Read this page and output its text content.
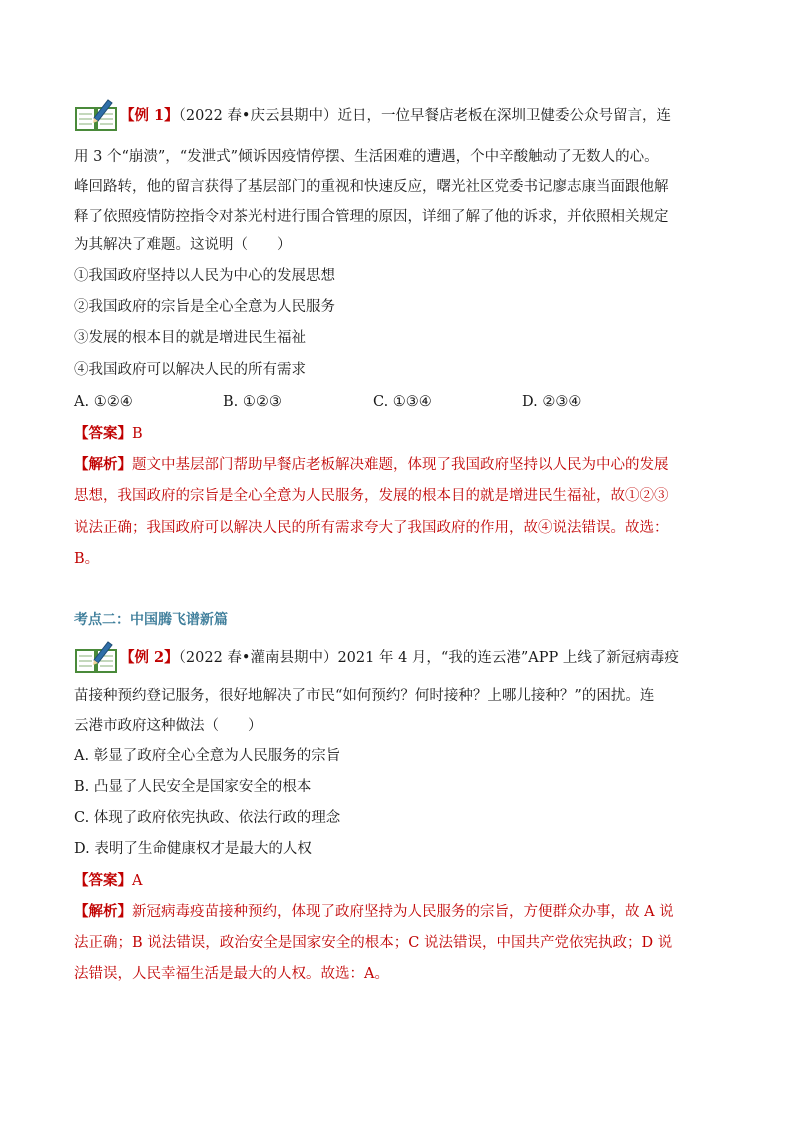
【例 1】（2022 春•庆云县期中）近日，一位早餐店老板在深圳卫健委公众号留言，连
用 3 个“崩溃”，“发泄式”倾诉因疫情停摆、生活困难的遭遇，个中辛酸触动了无数人的心。
峰回路转，他的留言获得了基层部门的重视和快速反应，曙光社区党委书记廖志康当面跟他解
释了依照疫情防控指令对茶光村进行围合管理的原因，详细了解了他的诉求，并依照相关规定
为其解决了难题。这说明（　　）
①我国政府坚持以人民为中心的发展思想
②我国政府的宗旨是全心全意为人民服务
③发展的根本目的就是增进民生福祉
④我国政府可以解决人民的所有需求
A. ①②④	B. ①②③	C. ①③④	D. ②③④
【答案】B
【解析】题文中基层部门帮助早餐店老板解决难题，体现了我国政府坚持以人民为中心的发展
思想，我国政府的宗旨是全心全意为人民服务，发展的根本目的就是增进民生福祉，故①②③
说法正确；我国政府可以解决人民的所有需求夸大了我国政府的作用，故④说法错误。故选：
B。
考点二：中国腾飞谱新篇
【例 2】（2022 春•灌南县期中）2021 年 4 月，“我的连云港”APP 上线了新冠病毒疫
苗接种预约登记服务，很好地解决了市民“如何预约？何时接种？上哪儿接种？”的困扰。连
云港市政府这种做法（　　）
A. 彰显了政府全心全意为人民服务的宗旨
B. 凸显了人民安全是国家安全的根本
C. 体现了政府依宪执政、依法行政的理念
D. 表明了生命健康权才是最大的人权
【答案】A
【解析】新冠病毒疫苗接种预约，体现了政府坚持为人民服务的宗旨，方便群众办事，故 A 说
法正确；B 说法错误，政治安全是国家安全的根本；C 说法错误，中国共产党依宪执政；D 说
法错误，人民幸福生活是最大的人权。故选：A。
